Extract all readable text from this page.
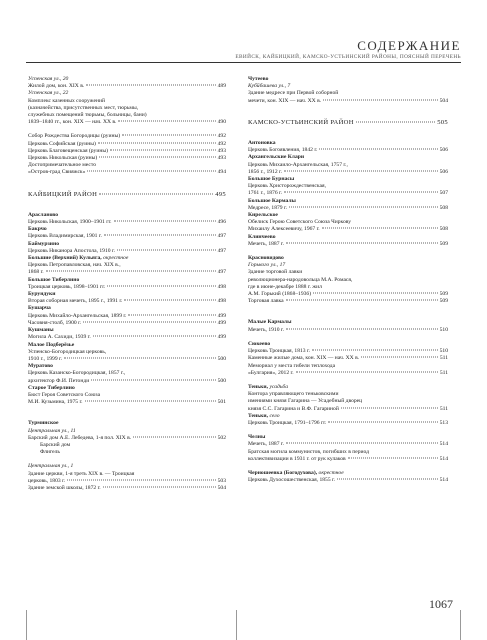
СОДЕРЖАНИЕ
ЕВИЙСК, КАЙБИЦКИЙ, КАМСКО-УСТЬИНСКИЙ РАЙОНЫ, ПОЯСНЫЙ ПЕРЕЧЕНЬ
Успенская ул., 20
Жилой дом, кон. XIX в.	489
Успенская ул., 22
Комплекс казенных сооружений
(казначейства, присутственных мест, тюрьмы,
служебных помещений тюрьмы, больницы, бани)
1839–1840 гг., кон. XIX — нач. XX в.	490
Собор Рождества Богородицы (руины)	492
Церковь Софийская (руины)	492
Церковь Благовещенская (руины)	493
Церковь Никольская (руины)	493
Достопримечательное место
«Остров-град Свияжск»	494
КАЙБИЦКИЙ РАЙОН	495
Арасланово
Церковь Никольская, 1900–1901 гг.	496
Бакрчо
Церковь Владимирская, 1901 г.	497
Баймурзино
Церковь Никанора Апостола, 1910 г.	497
Большие (Верхний) Кульяга, окрестное
Церковь Петропавловская, нач. XIX в.,
1868 г.	497
Большое Тиберлино
Троицкая церковь, 1898–1901 гг.	498
Бурундуки
Вторая соборная мечеть, 1895 г., 1991 г.	498
Бушарча
Церковь Михайло-Архангельская, 1899 г.	499
Часовня-столб, 1900 г.	499
Кушманы
Могила А. Сахиди, 1939 г.	499
Малое Подберёзье
Успенско-Богородицкая церковь,
1910 г., 1999 г.	500
Муратово
Церковь Казанско-Богородицкая, 1857 г.,
архитектор Ф.И. Петонди	500
Старое Тиберлино
Бюст Героя Советского Союза
М.И. Кузьмина, 1975 г.	501
Турминское
Центральная ул., 11
Барский дом А.Е. Лебедева, 1-я пол. XIX в.	502
Барский дом
Флигель
Центральная ул., 1
Здание церкви, 1-я треть XIX в. — Троицкая
церковь, 1803 г.	503
Здание земской школы, 1872 г.	504
Чутеево
Кубйбашева ул., 7
Здание медресе при Первой соборной
мечети, кон. XIX — нач. XX в.	504
КАМСКО-УСТЬИНСКИЙ РАЙОН	505
Антоновка
Церковь Богоявления, 1842 г.	506
Архангельские Клари
Церковь Михаило-Архангельская, 1757 г.,
1856 г., 1912 г.	506
Большое Бурнасы
Церковь Христорождественская,
1761 г., 1876 г.	507
Большое Кармалы
Медресе, 1879 г.	508
Кирельское
Обелиск Герою Советского Союза Чиркову
Михаилу Алексеевичу, 1967 г.	508
Клинчеево
Мечеть, 1887 г.	509
Красновидово
Горького ул., 17
Здание торговой лавки
революционера-народовольца М.А. Ромася,
где в июне-декабре 1888 г. жил
А.М. Горький (1868–1936)	509
Торговая лавка	509
Малые Кармалы
Мечеть, 1910 г.	510
Сюкеево
Церковь Троицкая, 1813 г.	510
Каменные жилые дома, кон. XIX — нач. XX в.	511
Мемориал у места гибели теплохода
«Булгария», 2012 г.	511
Теньки, усадьба
Контора управляющего теньковскими
имениями князя Гагарина — Усадебный дворец
князя С.С. Гагарина и В.Ф. Гагариной	511
Теньки, село
Церковь Троицкая, 1791–1796 гг.	513
Челны
Мечеть, 1887 г.	514
Братская могила коммунистов, погибших в период
коллективизации в 1931 г. от рук кулаков	514
Черношеевка (Богодухова), окрестное
Церковь Духосошественская, 1855 г.	514
1067
